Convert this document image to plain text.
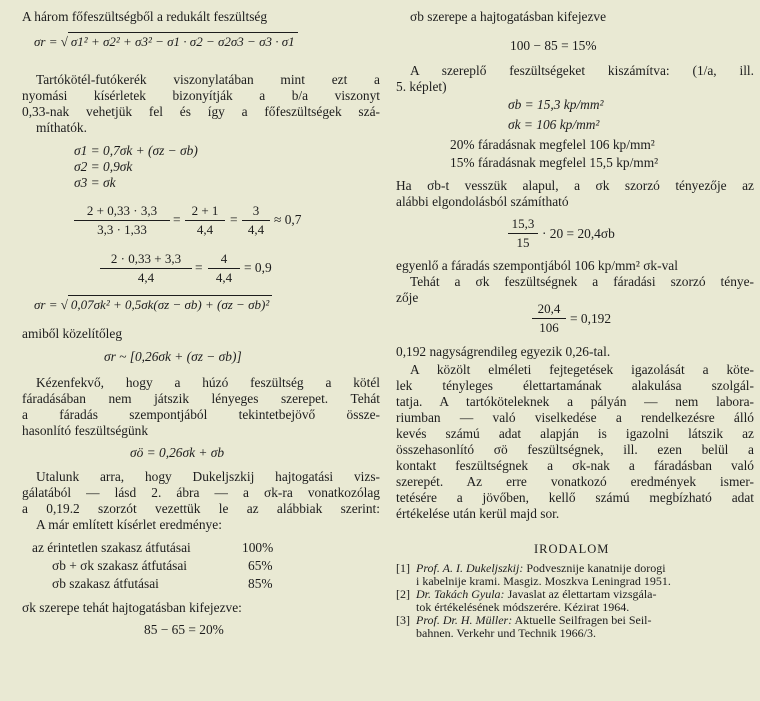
A három főfeszültségből a redukált feszültség
σr = √ σ1² + σ2² + σ3² − σ1 · σ2 − σ2σ3 − σ3 · σ1
Tartókötél-futókerék viszonylatában mint ezt a
nyomási kísérletek bizonyítják a b/a viszonyt
0,33-nak vehetjük fel és így a főfeszültségek szá-
míthatók.
σ1 = 0,7σk + (σz − σb)
σ2 = 0,9σk
σ3 = σk
$\frac{2 + 0,33 \cdot 3,3}{3,3 \cdot 1,33} = \frac{2 + 1}{4,4} = \frac{3}{4,4} \approx 0,7$
$\frac{2 \cdot 0,33 + 3,3}{4,4} = \frac{4}{4,4} = 0,9$
σr = √ 0,07σk² + 0,5σk(σz − σb) + (σz − σb)²
amiből közelítőleg
σr ~ [0,26σk + (σz − σb)]
Kézenfekvő, hogy a húzó feszültség a kötél
fáradásában nem játszik lényeges szerepet. Tehát
a fáradás szempontjából tekintetbejövő össze-
hasonlító feszültségünk
σö = 0,26σk + σb
Utalunk arra, hogy Dukeljszkij hajtogatási vizs-
gálatából — lásd 2. ábra — a σk-ra vonatkozólag
a 0,19.2 szorzót vezettük le az alábbiak szerint:
A már említett kísérlet eredménye:
az érintetlen szakasz átfutásai	100%
σb + σk szakasz átfutásai	65%
σb szakasz átfutásai	85%
σk szerepe tehát hajtogatásban kifejezve:
85 − 65 = 20%
σb szerepe a hajtogatásban kifejezve
100 − 85 = 15%
A szereplő feszültségeket kiszámítva: (1/a, ill.
5. képlet)
σb = 15,3 kp/mm²
σk = 106 kp/mm²
20% fáradásnak megfelel 106 kp/mm²
15% fáradásnak megfelel 15,5 kp/mm²
Ha σb-t vesszük alapul, a σk szorzó tényezője az
alábbi elgondolásból számítható
$\frac{15,3}{15} \cdot 20 = 20,4\sigma b$
egyenlő a fáradás szempontjából 106 kp/mm² σk-val
Tehát a σk feszültségnek a fáradási szorzó ténye-
zője
$\frac{20,4}{106} = 0,192$
0,192 nagyságrendileg egyezik 0,26-tal.
A közölt elméleti fejtegetések igazolását a köte-
lek tényleges élettartamának alakulása szolgál-
tatja. A tartóköteleknek a pályán — nem labora-
riumban — való viselkedése a rendelkezésre álló
kevés számú adat alapján is igazolni látszik az
összehasonlító σö feszültségnek, ill. ezen belül a
kontakt feszültségnek a σk-nak a fáradásban való
szerepét. Az erre vonatkozó eredmények ismer-
tetésére a jövőben, kellő számú megbízható adat
értékelése után kerül majd sor.
IRODALOM
[1] Prof. A. I. Dukeljszkij: Podvesznije kanatnije dorogi
i kabelnije krami. Masgiz. Moszkva Leningrad 1951.
[2] Dr. Takách Gyula: Javaslat az élettartam vizsgála-
tok értékelésének módszerére. Kézirat 1964.
[3] Prof. Dr. H. Müller: Aktuelle Seilfragen bei Seil-
bahnen. Verkehr und Technik 1966/3.
